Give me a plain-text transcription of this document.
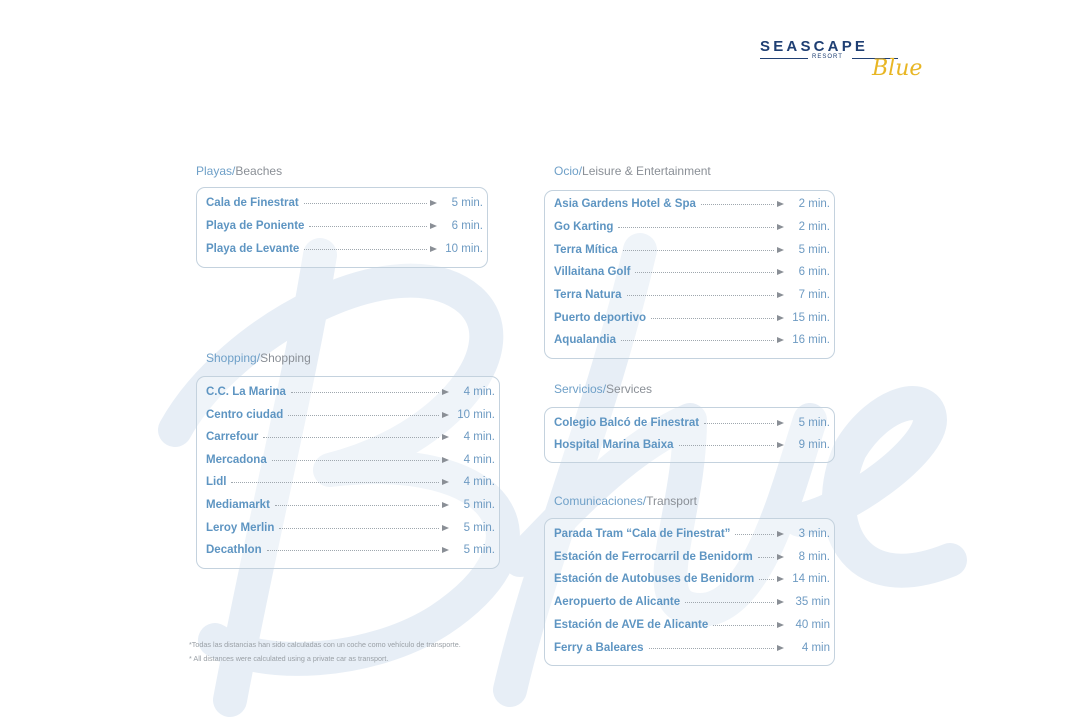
SEASCAPE
RESORT Blue
Playas/Beaches
Cala de Finestrat	5 min.
Playa de Poniente	6 min.
Playa de Levante	10 min.
Shopping/Shopping
C.C. La Marina	4 min.
Centro ciudad	10 min.
Carrefour	4 min.
Mercadona	4 min.
Lidl	4 min.
Mediamarkt	5 min.
Leroy Merlin	5 min.
Decathlon	5 min.
Ocio/Leisure & Entertainment
Asia Gardens Hotel & Spa	2 min.
Go Karting	2 min.
Terra Mítica	5 min.
Villaitana Golf	6 min.
Terra Natura	7 min.
Puerto deportivo	15 min.
Aqualandia	16 min.
Servicios/Services
Colegio Balcó de Finestrat	5 min.
Hospital Marina Baixa	9 min.
Comunicaciones/Transport
Parada Tram “Cala de Finestrat”	3 min.
Estación de Ferrocarril de Benidorm	8 min.
Estación de Autobuses de Benidorm	14 min.
Aeropuerto de Alicante	35 min
Estación de AVE de Alicante	40 min
Ferry a Baleares	4 min
*Todas las distancias han sido calculadas con un coche como vehículo de transporte.
* All distances were calculated using a private car as transport.
